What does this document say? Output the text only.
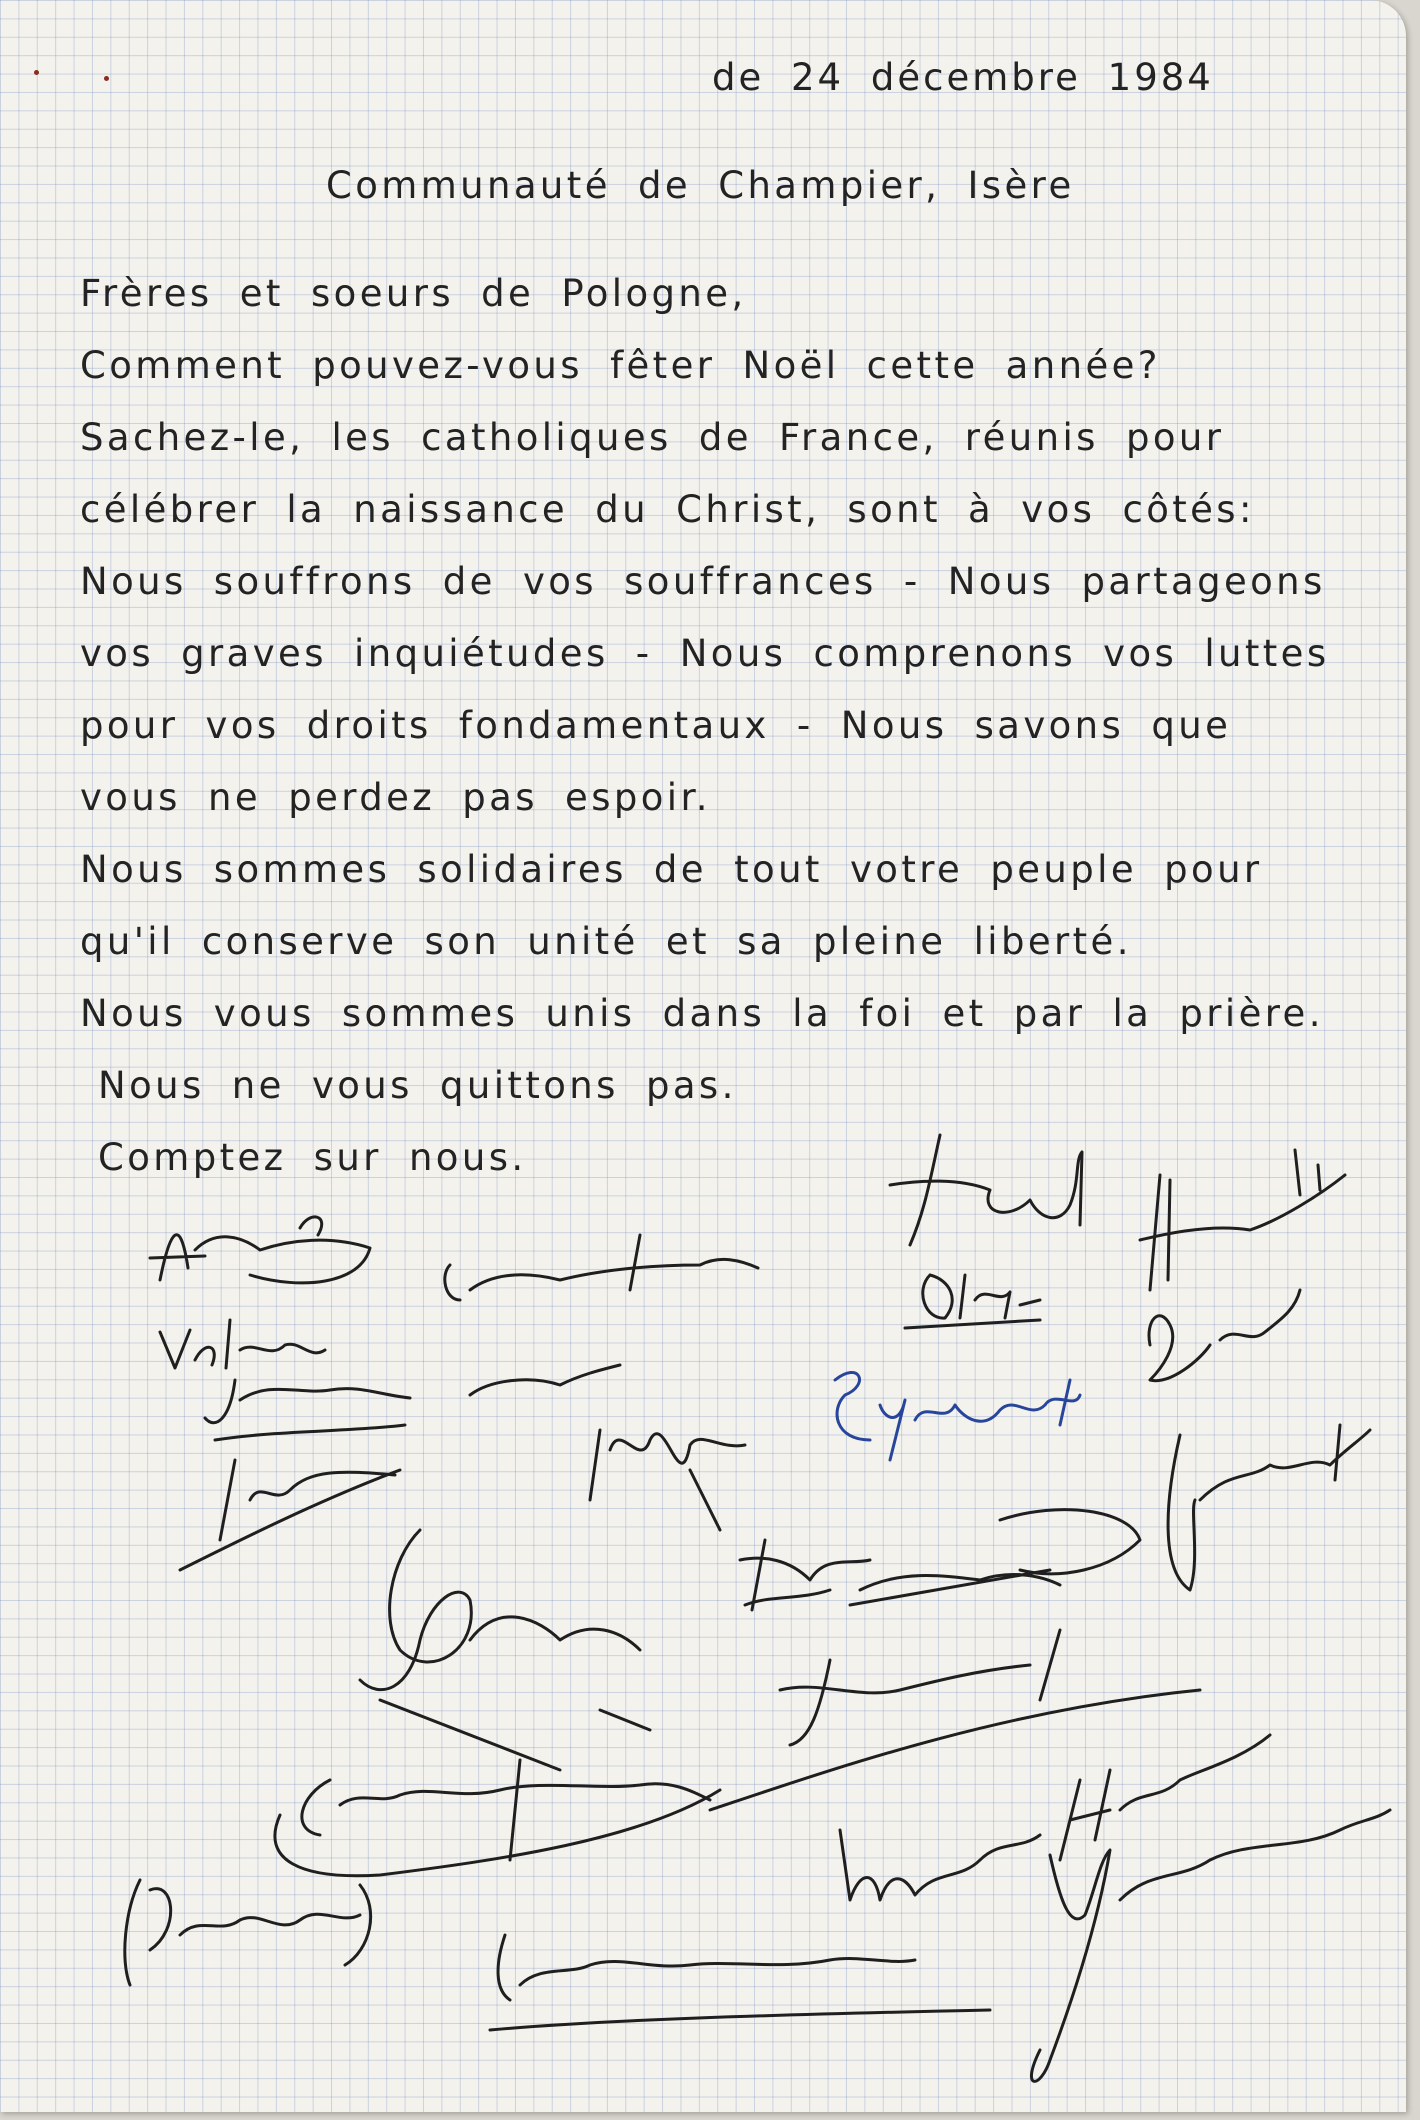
de 24 décembre 1984
Communauté de Champier, Isère
Frères et soeurs de Pologne,
Comment pouvez-vous fêter Noël cette année?
Sachez-le, les catholiques de France, réunis pour
célébrer la naissance du Christ, sont à vos côtés:
Nous souffrons de vos souffrances - Nous partageons
vos graves inquiétudes - Nous comprenons vos luttes
pour vos droits fondamentaux - Nous savons que
vous ne perdez pas espoir.
Nous sommes solidaires de tout votre peuple pour
qu'il conserve son unité et sa pleine liberté.
Nous vous sommes unis dans la foi et par la prière.
Nous ne vous quittons pas.
Comptez sur nous.
